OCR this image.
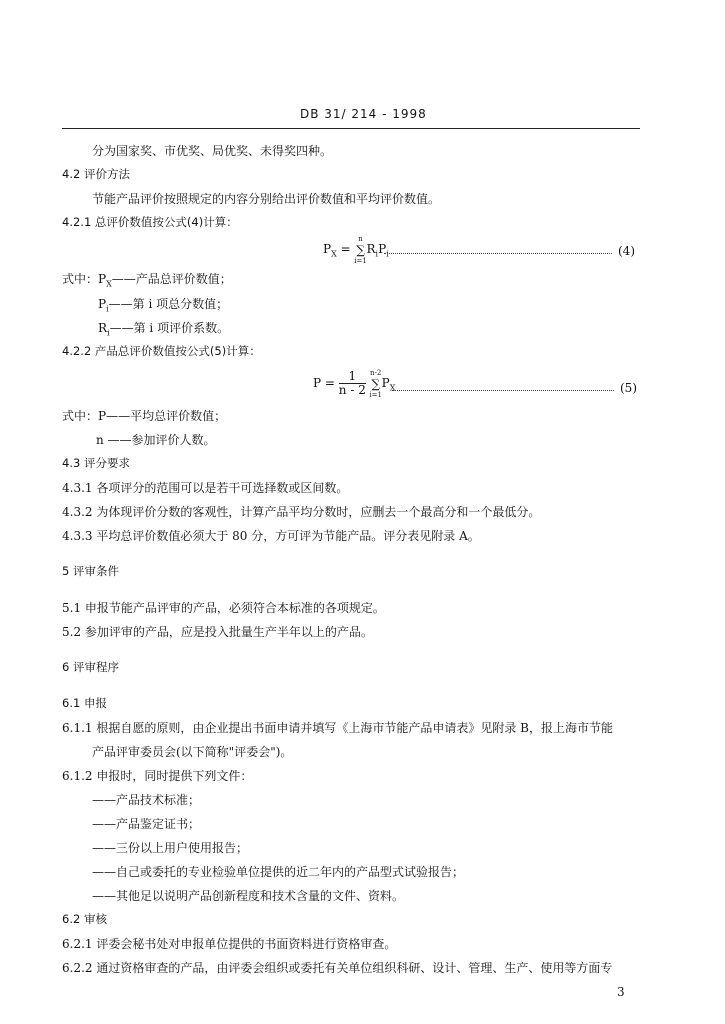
DB 31/ 214 - 1998
分为国家奖、市优奖、局优奖、未得奖四种。
4.2 评价方法
节能产品评价按照规定的内容分别给出评价数值和平均评价数值。
4.2.1 总评价数值按公式(4)计算：
$P_X$ = ∑
n
i=1
$R_iP_i$	(4)
式中：$P_X——$产品总评价数值；
$P_i——$第 i 项总分数值；
$R_i——$第 i 项评价系数。
4.2.2 产品总评价数值按公式(5)计算：
$P = \frac{1}{n - 2}$ ∑
n-2
i=1
$P_X$	(5)
式中：P——平均总评价数值；
n ——参加评价人数。
4.3 评分要求
4.3.1 各项评分的范围可以是若干可选择数或区间数。
4.3.2 为体现评价分数的客观性，计算产品平均分数时，应删去一个最高分和一个最低分。
4.3.3 平均总评价数值必须大于 80 分，方可评为节能产品。评分表见附录 A。
5 评审条件
5.1 申报节能产品评审的产品，必须符合本标准的各项规定。
5.2 参加评审的产品，应是投入批量生产半年以上的产品。
6 评审程序
6.1 申报
6.1.1 根据自愿的原则，由企业提出书面申请并填写《上海市节能产品申请表》见附录 B，报上海市节能
产品评审委员会(以下简称"评委会")。
6.1.2 申报时，同时提供下列文件：
——产品技术标准；
——产品鉴定证书；
——三份以上用户使用报告；
——自己或委托的专业检验单位提供的近二年内的产品型式试验报告；
——其他足以说明产品创新程度和技术含量的文件、资料。
6.2 审核
6.2.1 评委会秘书处对申报单位提供的书面资料进行资格审查。
6.2.2 通过资格审查的产品，由评委会组织或委托有关单位组织科研、设计、管理、生产、使用等方面专
3
